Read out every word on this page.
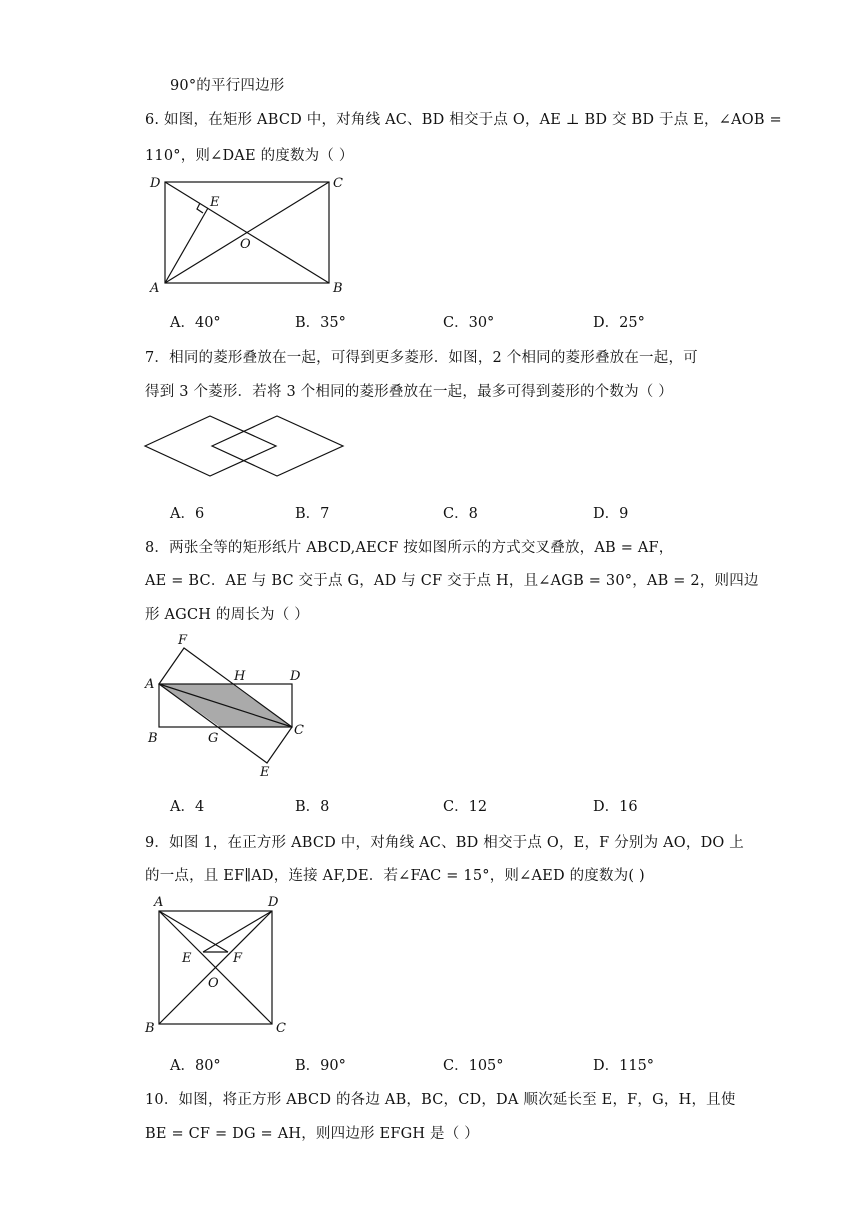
90°的平行四边形
6. 如图，在矩形 ABCD 中，对角线 AC、BD 相交于点 O，AE ⊥ BD 交 BD 于点 E，∠AOB =
110°，则∠DAE 的度数为（ ）
D	C
A	B
E
O
A．40°	B．35°	C．30°	D．25°
7．相同的菱形叠放在一起，可得到更多菱形．如图，2 个相同的菱形叠放在一起，可
得到 3 个菱形．若将 3 个相同的菱形叠放在一起，最多可得到菱形的个数为（ ）
A．6	B．7	C．8	D．9
8．两张全等的矩形纸片 ABCD,AECF 按如图所示的方式交叉叠放，AB = AF，
AE = BC．AE 与 BC 交于点 G，AD 与 CF 交于点 H，且∠AGB = 30°，AB = 2，则四边
形 AGCH 的周长为（ ）
F
A
H	D
B	G
C
E
A．4	B．8	C．12	D．16
9．如图 1，在正方形 ABCD 中，对角线 AC、BD 相交于点 O，E，F 分别为 AO，DO 上
的一点，且 EF∥AD，连接 AF,DE．若∠FAC = 15°，则∠AED 的度数为( )
A	D
E	F
O
B	C
A．80°	B．90°	C．105°	D．115°
10．如图，将正方形 ABCD 的各边 AB，BC，CD，DA 顺次延长至 E，F，G，H，且使
BE = CF = DG = AH，则四边形 EFGH 是（ ）
